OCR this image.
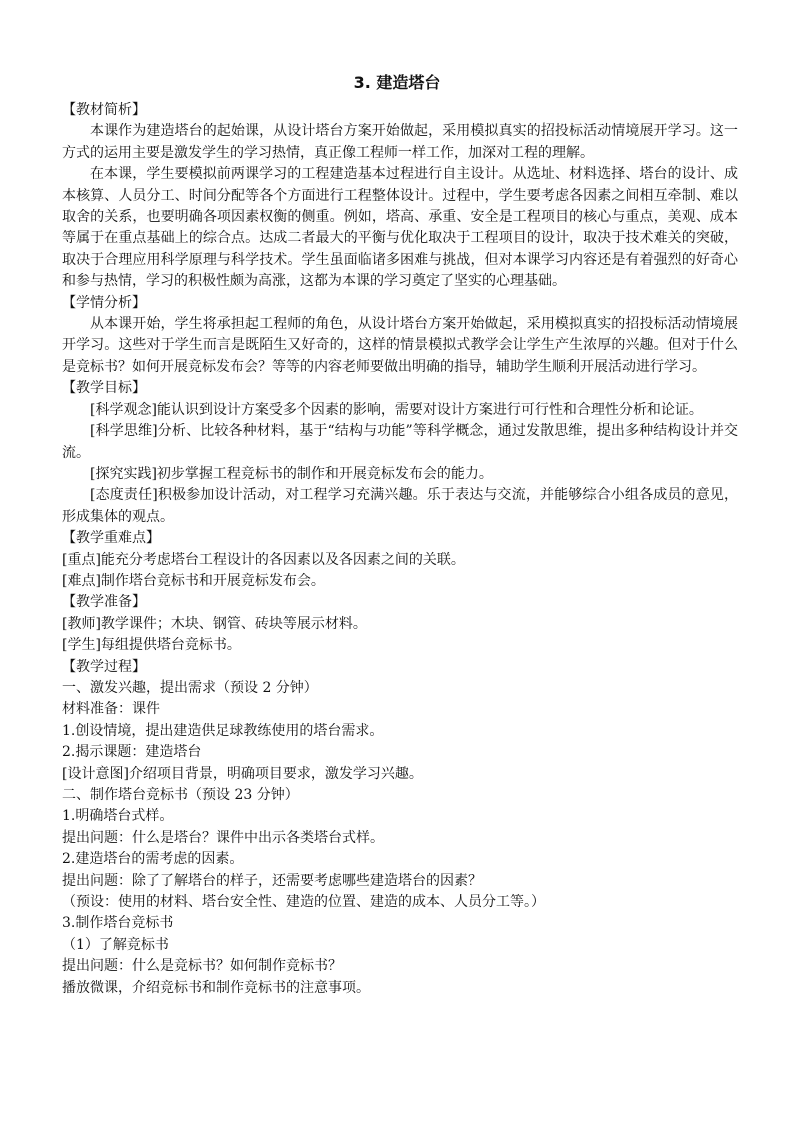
3. 建造塔台

【教材简析】

本课作为建造塔台的起始课，从设计塔台方案开始做起，采用模拟真实的招投标活动情境展开学习。这一方式的运用主要是激发学生的学习热情，真正像工程师一样工作，加深对工程的理解。

在本课，学生要模拟前两课学习的工程建造基本过程进行自主设计。从选址、材料选择、塔台的设计、成本核算、人员分工、时间分配等各个方面进行工程整体设计。过程中，学生要考虑各因素之间相互牵制、难以取舍的关系，也要明确各项因素权衡的侧重。例如，塔高、承重、安全是工程项目的核心与重点，美观、成本等属于在重点基础上的综合点。达成二者最大的平衡与优化取决于工程项目的设计，取决于技术难关的突破，取决于合理应用科学原理与科学技术。学生虽面临诸多困难与挑战，但对本课学习内容还是有着强烈的好奇心和参与热情，学习的积极性颇为高涨，这都为本课的学习奠定了坚实的心理基础。

【学情分析】

从本课开始，学生将承担起工程师的角色，从设计塔台方案开始做起，采用模拟真实的招投标活动情境展开学习。这些对于学生而言是既陌生又好奇的，这样的情景模拟式教学会让学生产生浓厚的兴趣。但对于什么是竞标书？如何开展竞标发布会？等等的内容老师要做出明确的指导，辅助学生顺利开展活动进行学习。

【教学目标】

[科学观念]能认识到设计方案受多个因素的影响，需要对设计方案进行可行性和合理性分析和论证。

[科学思维]分析、比较各种材料，基于“结构与功能”等科学概念，通过发散思维，提出多种结构设计并交流。

[探究实践]初步掌握工程竞标书的制作和开展竞标发布会的能力。

[态度责任]积极参加设计活动，对工程学习充满兴趣。乐于表达与交流，并能够综合小组各成员的意见，形成集体的观点。

【教学重难点】

[重点]能充分考虑塔台工程设计的各因素以及各因素之间的关联。

[难点]制作塔台竞标书和开展竞标发布会。

【教学准备】

[教师]教学课件；木块、钢管、砖块等展示材料。

[学生]每组提供塔台竞标书。

【教学过程】

一、激发兴趣，提出需求（预设 2 分钟）

材料准备：课件

1.创设情境，提出建造供足球教练使用的塔台需求。

2.揭示课题：建造塔台

[设计意图]介绍项目背景，明确项目要求，激发学习兴趣。

二、制作塔台竞标书（预设 23 分钟）

1.明确塔台式样。

提出问题：什么是塔台？课件中出示各类塔台式样。

2.建造塔台的需考虑的因素。

提出问题：除了了解塔台的样子，还需要考虑哪些建造塔台的因素？

（预设：使用的材料、塔台安全性、建造的位置、建造的成本、人员分工等。）

3.制作塔台竞标书

（1）了解竞标书

提出问题：什么是竞标书？如何制作竞标书？

播放微课，介绍竞标书和制作竞标书的注意事项。
